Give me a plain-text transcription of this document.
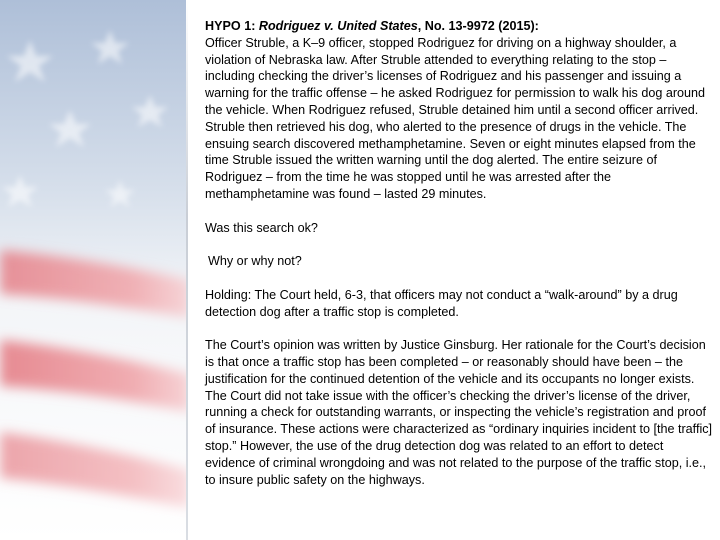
HYPO 1: Rodriguez v. United States, No. 13-9972 (2015):

Officer Struble, a K–9 officer, stopped Rodriguez for driving on a highway shoulder, a violation of Nebraska law. After Struble attended to everything relating to the stop – including checking the driver’s licenses of Rodriguez and his passenger and issuing a warning for the traffic offense – he asked Rodriguez for permission to walk his dog around the vehicle. When Rodriguez refused, Struble detained him until a second officer arrived. Struble then retrieved his dog, who alerted to the presence of drugs in the vehicle. The ensuing search discovered methamphetamine. Seven or eight minutes elapsed from the time Struble issued the written warning until the dog alerted. The entire seizure of Rodriguez – from the time he was stopped until he was arrested after the methamphetamine was found – lasted 29 minutes.

Was this search ok?

Why or why not?

Holding: The Court held, 6-3, that officers may not conduct a “walk-around” by a drug detection dog after a traffic stop is completed.

The Court’s opinion was written by Justice Ginsburg. Her rationale for the Court’s decision is that once a traffic stop has been completed – or reasonably should have been – the justification for the continued detention of the vehicle and its occupants no longer exists. The Court did not take issue with the officer’s checking the driver’s license of the driver, running a check for outstanding warrants, or inspecting the vehicle’s registration and proof of insurance. These actions were characterized as “ordinary inquiries incident to [the traffic] stop.” However, the use of the drug detection dog was related to an effort to detect evidence of criminal wrongdoing and was not related to the purpose of the traffic stop, i.e., to insure public safety on the highways.
